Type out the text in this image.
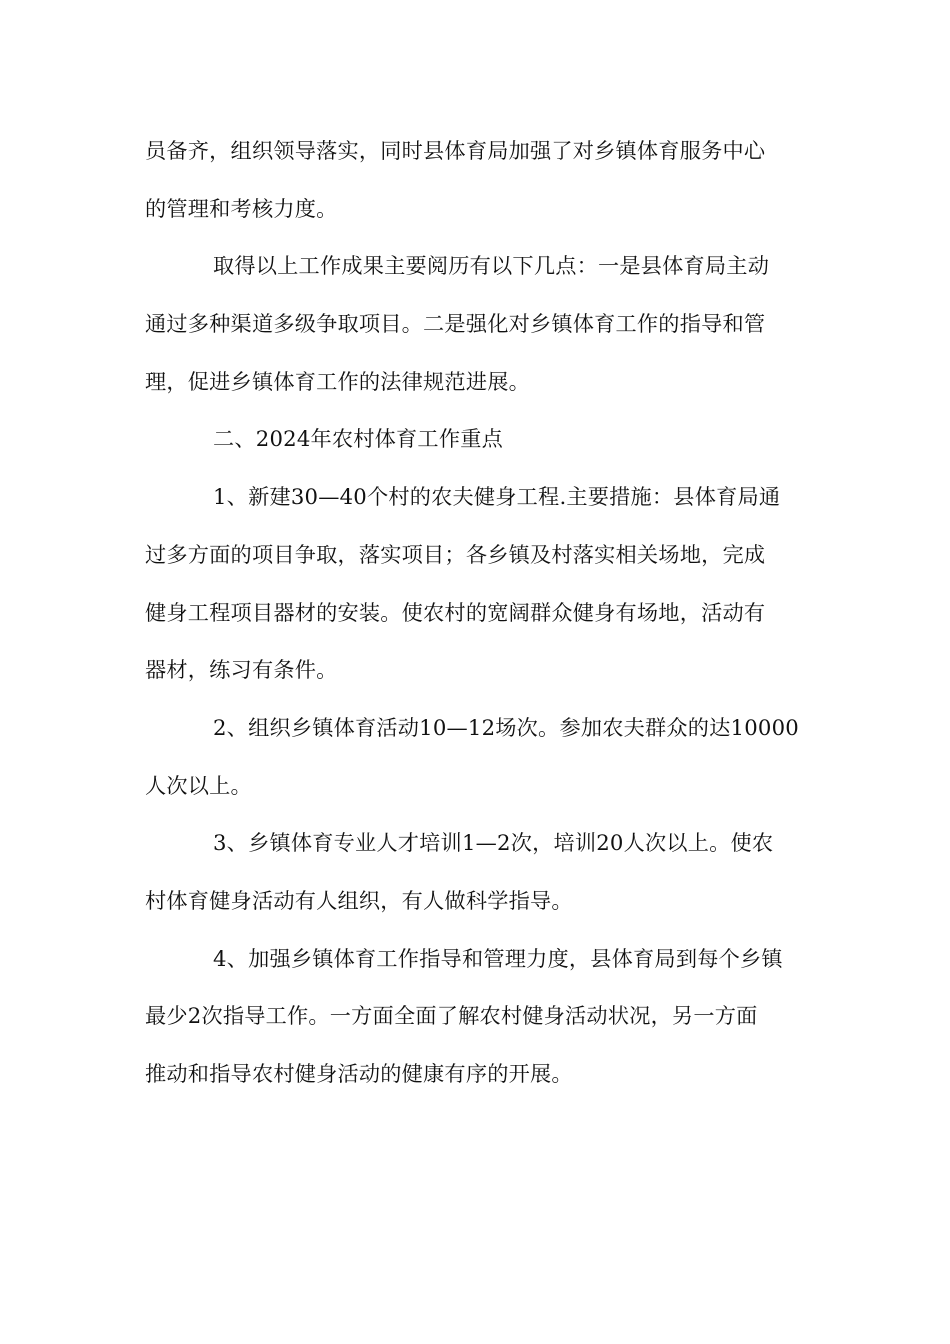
员备齐，组织领导落实，同时县体育局加强了对乡镇体育服务中心
的管理和考核力度。
取得以上工作成果主要阅历有以下几点：一是县体育局主动
通过多种渠道多级争取项目。二是强化对乡镇体育工作的指导和管
理，促进乡镇体育工作的法律规范进展。
二、2024年农村体育工作重点
1、新建30—40个村的农夫健身工程.主要措施：县体育局通
过多方面的项目争取，落实项目；各乡镇及村落实相关场地，完成
健身工程项目器材的安装。使农村的宽阔群众健身有场地，活动有
器材，练习有条件。
2、组织乡镇体育活动10—12场次。参加农夫群众的达10000
人次以上。
3、乡镇体育专业人才培训1—2次，培训20人次以上。使农
村体育健身活动有人组织，有人做科学指导。
4、加强乡镇体育工作指导和管理力度，县体育局到每个乡镇
最少2次指导工作。一方面全面了解农村健身活动状况，另一方面
推动和指导农村健身活动的健康有序的开展。
